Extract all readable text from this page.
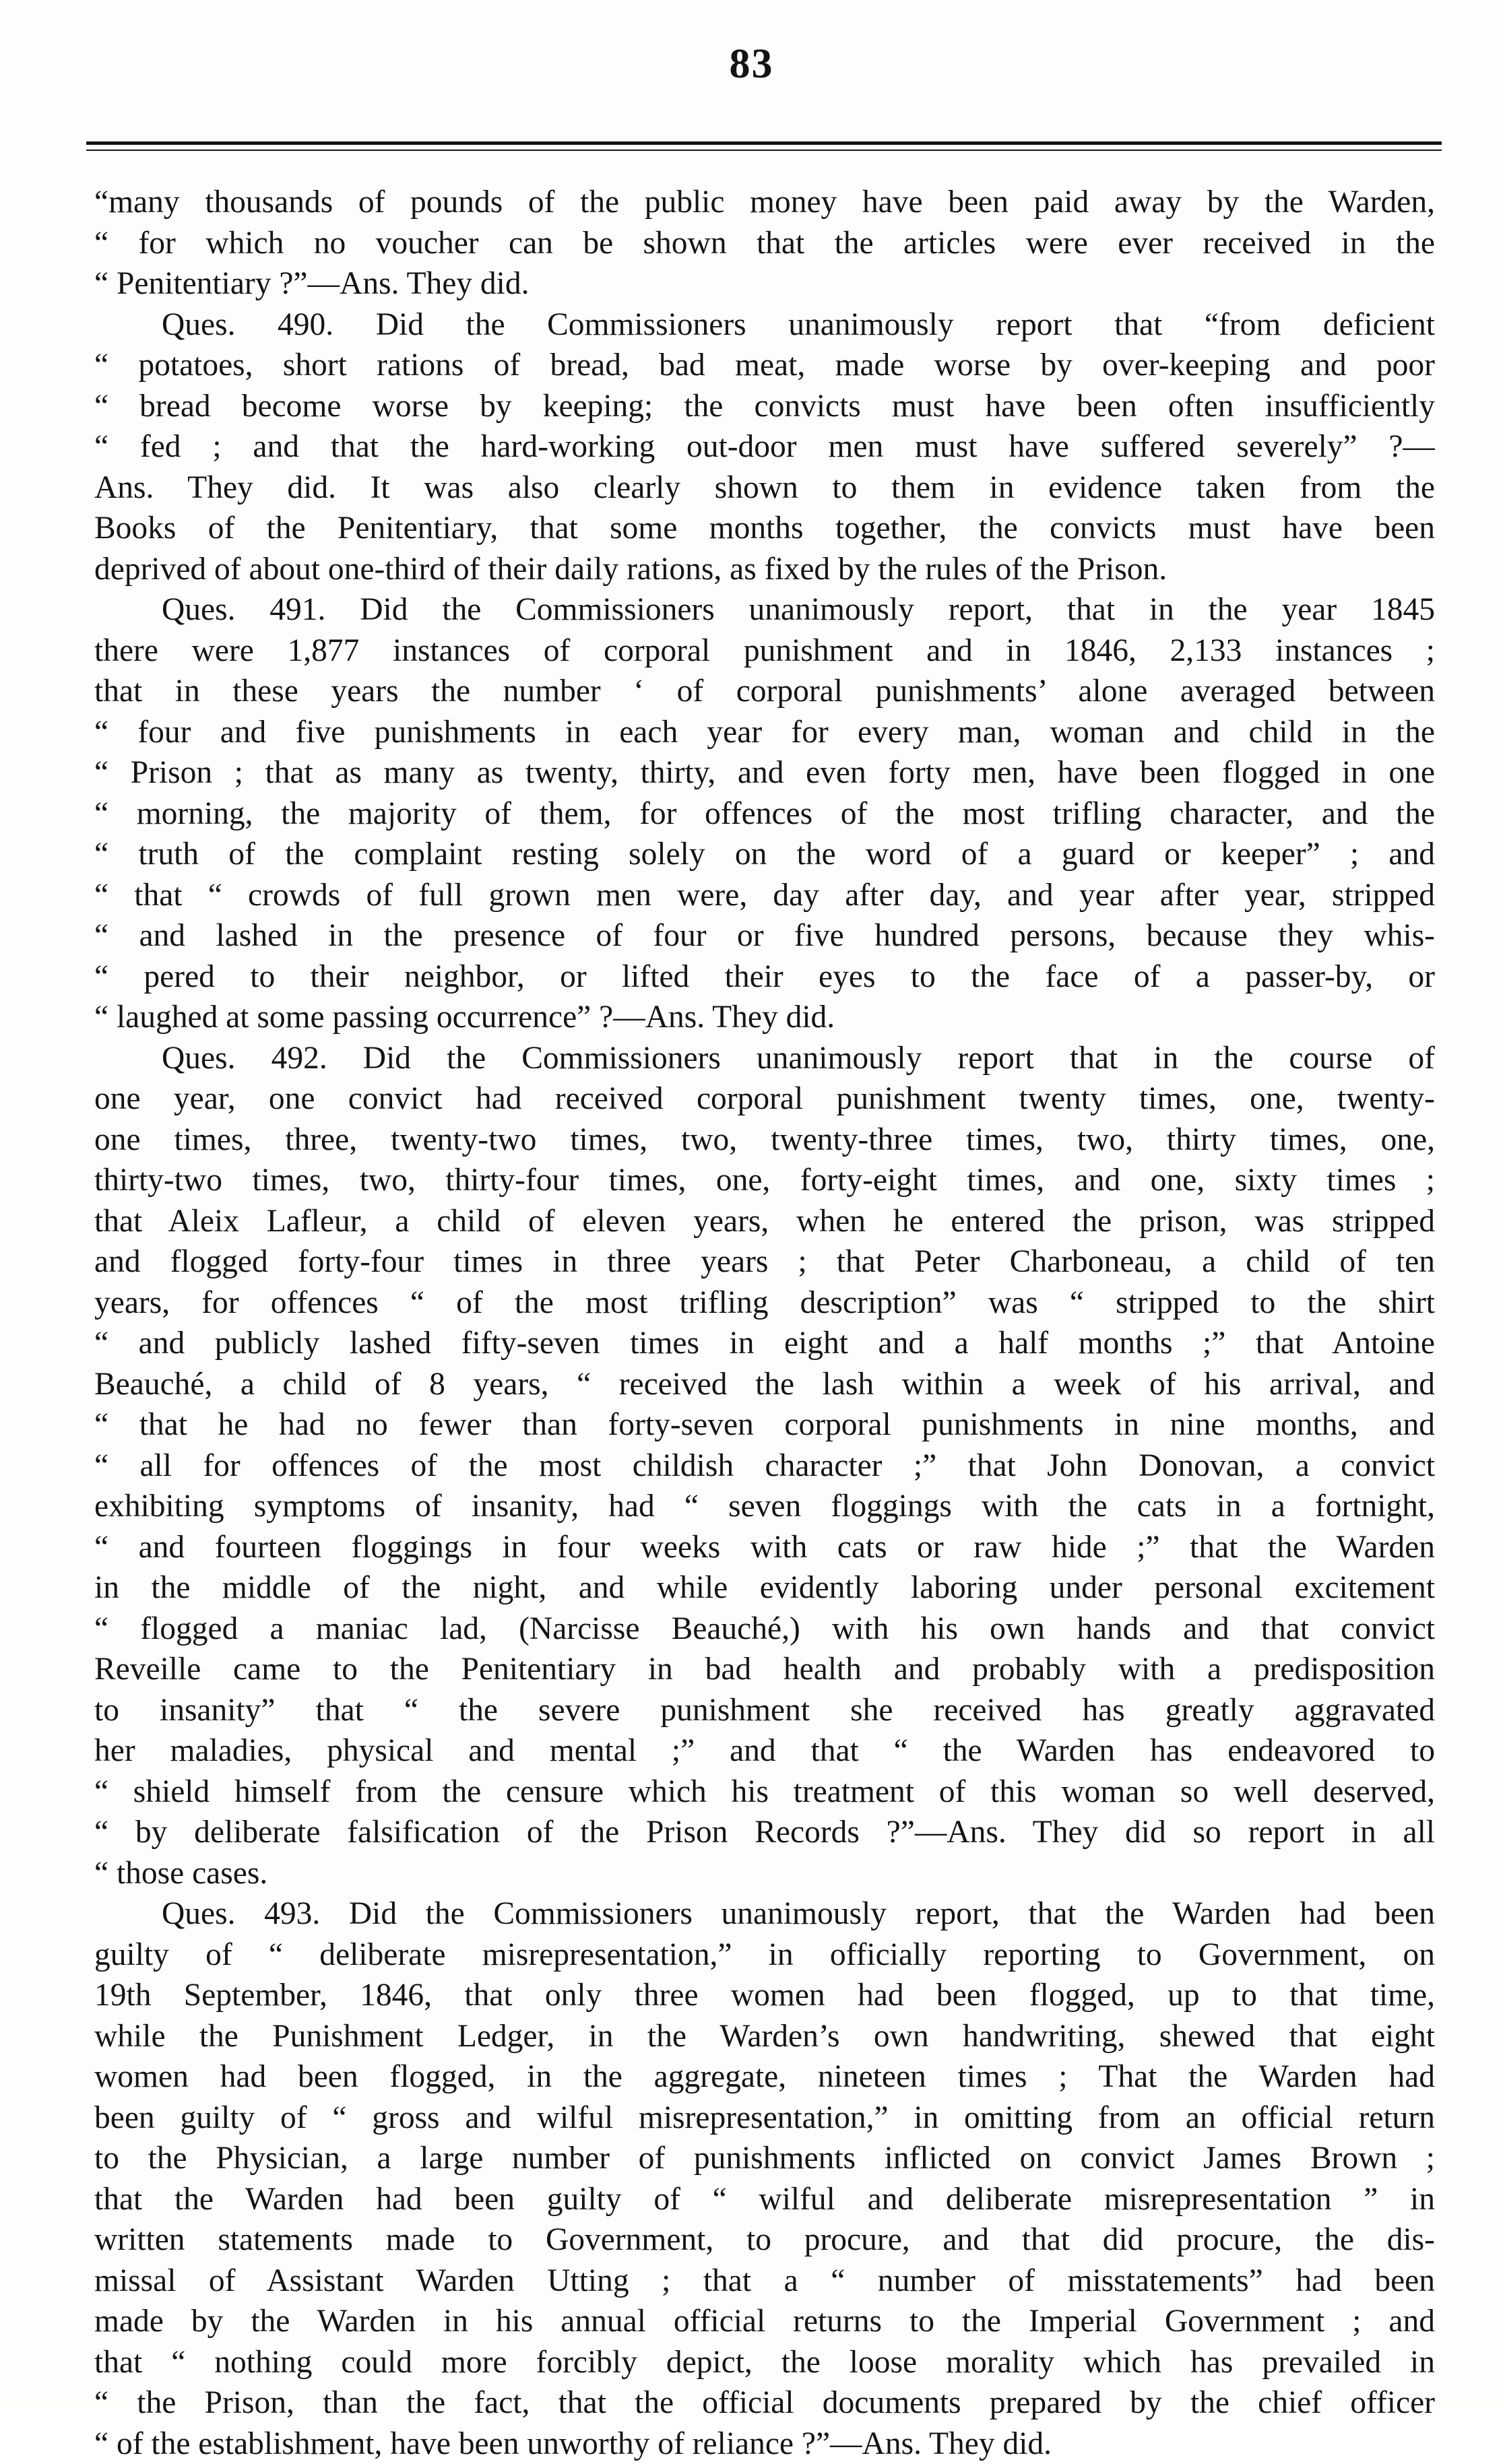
83
“many thousands of pounds of the public money have been paid away by the Warden,
“ for which no voucher can be shown that the articles were ever received in the
“ Penitentiary ?”—Ans. They did.
Ques. 490. Did the Commissioners unanimously report that “from deficient
“ potatoes, short rations of bread, bad meat, made worse by over-keeping and poor
“ bread become worse by keeping; the convicts must have been often insufficiently
“ fed ; and that the hard-working out-door men must have suffered severely” ?—
Ans. They did. It was also clearly shown to them in evidence taken from the
Books of the Penitentiary, that some months together, the convicts must have been
deprived of about one-third of their daily rations, as fixed by the rules of the Prison.
Ques. 491. Did the Commissioners unanimously report, that in the year 1845
there were 1,877 instances of corporal punishment and in 1846, 2,133 instances ;
that in these years the number ‘ of corporal punishments’ alone averaged between
“ four and five punishments in each year for every man, woman and child in the
“ Prison ; that as many as twenty, thirty, and even forty men, have been flogged in one
“ morning, the majority of them, for offences of the most trifling character, and the
“ truth of the complaint resting solely on the word of a guard or keeper” ; and
“ that “ crowds of full grown men were, day after day, and year after year, stripped
“ and lashed in the presence of four or five hundred persons, because they whis-
“ pered to their neighbor, or lifted their eyes to the face of a passer-by, or
“ laughed at some passing occurrence” ?—Ans. They did.
Ques. 492. Did the Commissioners unanimously report that in the course of
one year, one convict had received corporal punishment twenty times, one, twenty-
one times, three, twenty-two times, two, twenty-three times, two, thirty times, one,
thirty-two times, two, thirty-four times, one, forty-eight times, and one, sixty times ;
that Aleix Lafleur, a child of eleven years, when he entered the prison, was stripped
and flogged forty-four times in three years ; that Peter Charboneau, a child of ten
years, for offences “ of the most trifling description” was “ stripped to the shirt
“ and publicly lashed fifty-seven times in eight and a half months ;” that Antoine
Beauché, a child of 8 years, “ received the lash within a week of his arrival, and
“ that he had no fewer than forty-seven corporal punishments in nine months, and
“ all for offences of the most childish character ;” that John Donovan, a convict
exhibiting symptoms of insanity, had “ seven floggings with the cats in a fortnight,
“ and fourteen floggings in four weeks with cats or raw hide ;” that the Warden
in the middle of the night, and while evidently laboring under personal excitement
“ flogged a maniac lad, (Narcisse Beauché,) with his own hands and that convict
Reveille came to the Penitentiary in bad health and probably with a predisposition
to insanity” that “ the severe punishment she received has greatly aggravated
her maladies, physical and mental ;” and that “ the Warden has endeavored to
“ shield himself from the censure which his treatment of this woman so well deserved,
“ by deliberate falsification of the Prison Records ?”—Ans. They did so report in all
“ those cases.
Ques. 493. Did the Commissioners unanimously report, that the Warden had been
guilty of “ deliberate misrepresentation,” in officially reporting to Government, on
19th September, 1846, that only three women had been flogged, up to that time,
while the Punishment Ledger, in the Warden’s own handwriting, shewed that eight
women had been flogged, in the aggregate, nineteen times ; That the Warden had
been guilty of “ gross and wilful misrepresentation,” in omitting from an official return
to the Physician, a large number of punishments inflicted on convict James Brown ;
that the Warden had been guilty of “ wilful and deliberate misrepresentation ” in
written statements made to Government, to procure, and that did procure, the dis-
missal of Assistant Warden Utting ; that a “ number of misstatements” had been
made by the Warden in his annual official returns to the Imperial Government ; and
that “ nothing could more forcibly depict, the loose morality which has prevailed in
“ the Prison, than the fact, that the official documents prepared by the chief officer
“ of the establishment, have been unworthy of reliance ?”—Ans. They did.
